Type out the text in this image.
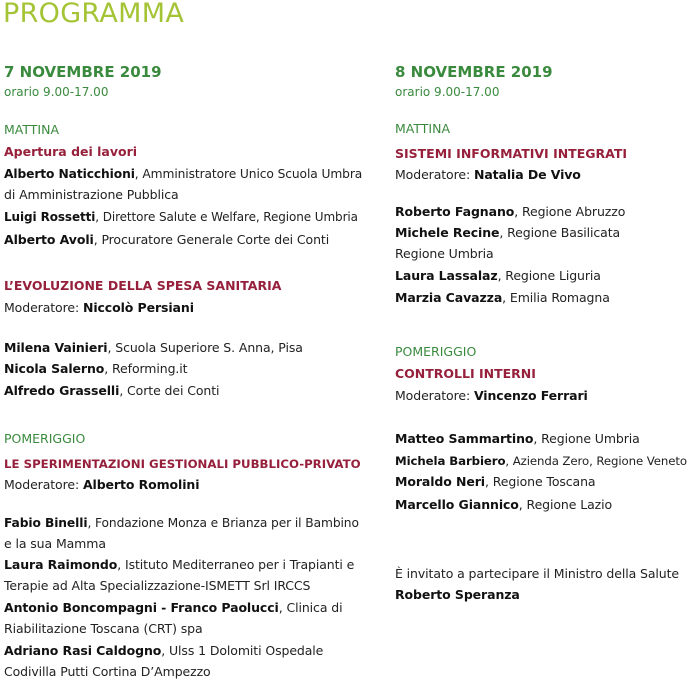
PROGRAMMA
7 NOVEMBRE 2019
orario 9.00-17.00
MATTINA
Apertura dei lavori
Alberto Naticchioni, Amministratore Unico Scuola Umbra
di Amministrazione Pubblica
Luigi Rossetti, Direttore Salute e Welfare, Regione Umbria
Alberto Avoli, Procuratore Generale Corte dei Conti
L’EVOLUZIONE DELLA SPESA SANITARIA
Moderatore: Niccolò Persiani
Milena Vainieri, Scuola Superiore S. Anna, Pisa
Nicola Salerno, Reforming.it
Alfredo Grasselli, Corte dei Conti
POMERIGGIO
LE SPERIMENTAZIONI GESTIONALI PUBBLICO-PRIVATO
Moderatore: Alberto Romolini
Fabio Binelli, Fondazione Monza e Brianza per il Bambino
e la sua Mamma
Laura Raimondo, Istituto Mediterraneo per i Trapianti e
Terapie ad Alta Specializzazione-ISMETT Srl IRCCS
Antonio Boncompagni - Franco Paolucci, Clinica di
Riabilitazione Toscana (CRT) spa
Adriano Rasi Caldogno, Ulss 1 Dolomiti Ospedale
Codivilla Putti Cortina D’Ampezzo
8 NOVEMBRE 2019
orario 9.00-17.00
MATTINA
SISTEMI INFORMATIVI INTEGRATI
Moderatore: Natalia De Vivo
Roberto Fagnano, Regione Abruzzo
Michele Recine, Regione Basilicata
Regione Umbria
Laura Lassalaz, Regione Liguria
Marzia Cavazza, Emilia Romagna
POMERIGGIO
CONTROLLI INTERNI
Moderatore: Vincenzo Ferrari
Matteo Sammartino, Regione Umbria
Michela Barbiero, Azienda Zero, Regione Veneto
Moraldo Neri, Regione Toscana
Marcello Giannico, Regione Lazio
È invitato a partecipare il Ministro della Salute
Roberto Speranza
